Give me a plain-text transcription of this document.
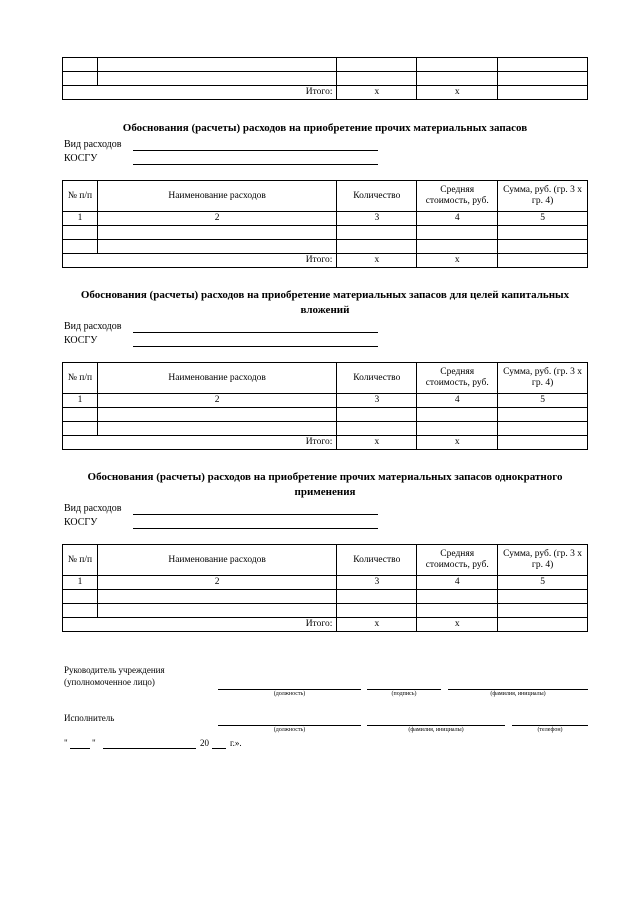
Итого:		x	x	
Обоснования (расчеты) расходов на приобретение прочих материальных запасов
Вид расходов
КОСГУ
№ п/п	Наименование расходов	Количество	Средняя стоимость, руб.	Сумма, руб. (гр. 3 x гр. 4)
1	2	3	4	5

Итого:		x	x	
Обоснования (расчеты) расходов на приобретение материальных запасов для целей капитальных вложений
Вид расходов
КОСГУ
№ п/п	Наименование расходов	Количество	Средняя стоимость, руб.	Сумма, руб. (гр. 3 x гр. 4)
1	2	3	4	5

Итого:		x	x	
Обоснования (расчеты) расходов на приобретение прочих материальных запасов однократного применения
Вид расходов
КОСГУ
№ п/п	Наименование расходов	Количество	Средняя стоимость, руб.	Сумма, руб. (гр. 3 x гр. 4)
1	2	3	4	5

Итого:		x	x	
Руководитель учреждения (уполномоченное лицо)
(должность)	(подпись)	(фамилия, инициалы)
Исполнитель
(должность)	(фамилия, инициалы)	(телефон)
"	"	20 г.».
